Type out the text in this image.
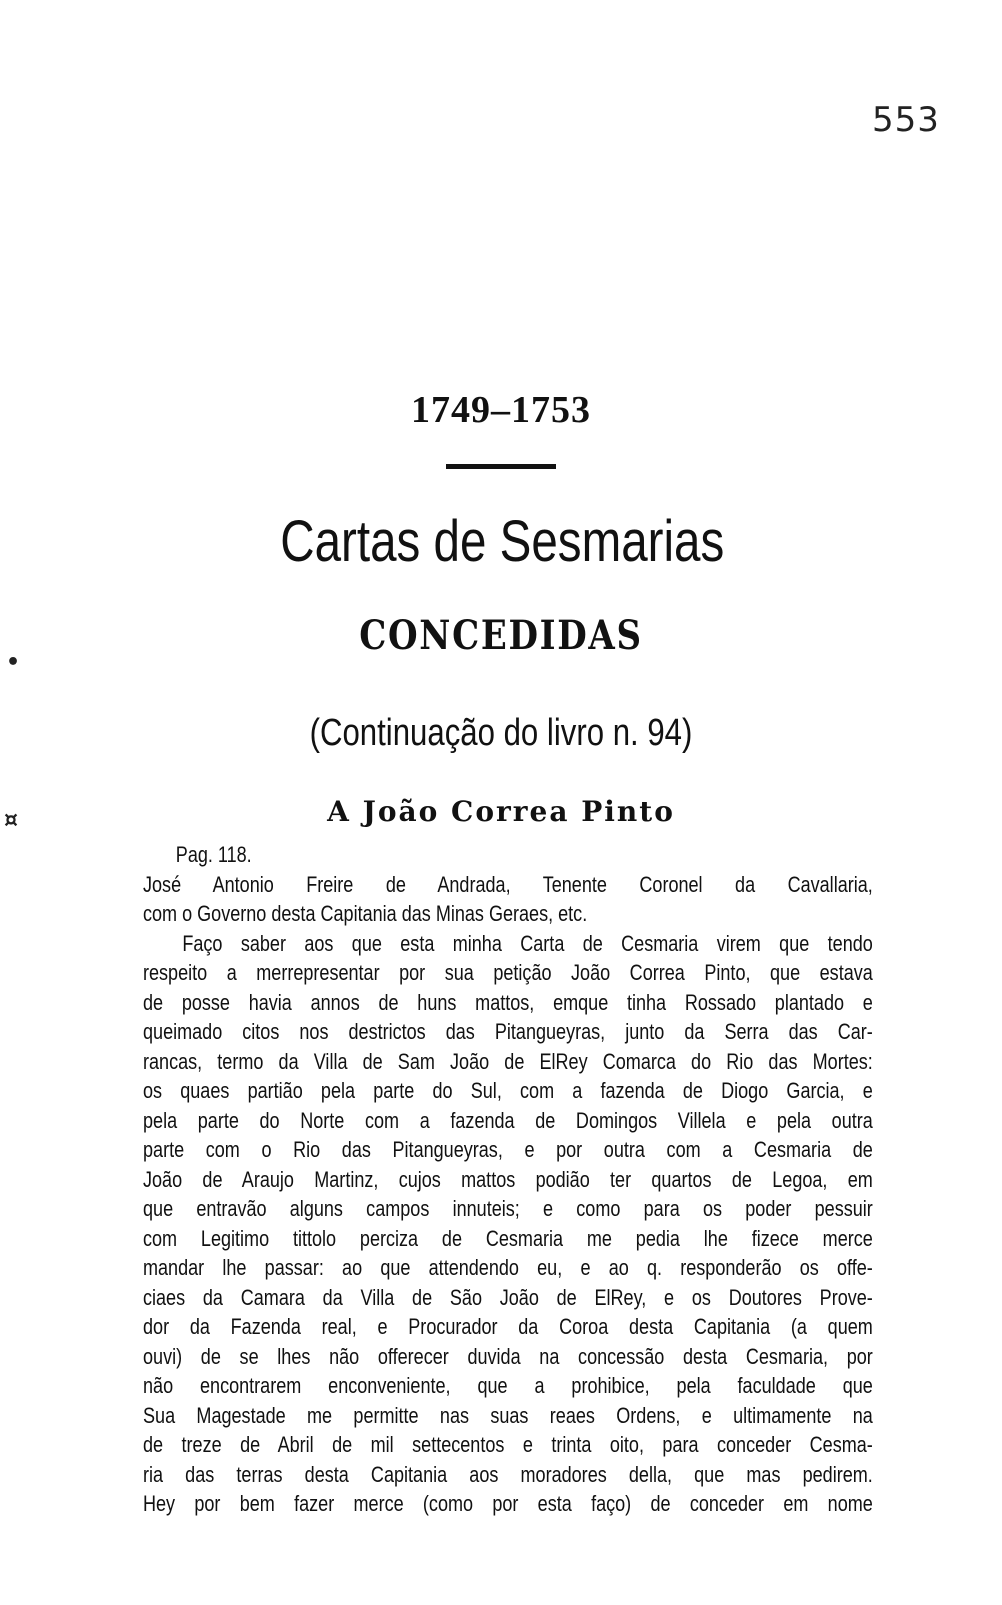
553
•
¤
1749–1753
Cartas de Sesmarias
CONCEDIDAS
(Continuação do livro n. 94)
A João Correa Pinto
Pag. 118.
José Antonio Freire de Andrada, Tenente Coronel da Cavallaria,
com o Governo desta Capitania das Minas Geraes, etc.
Faço saber aos que esta minha Carta de Cesmaria virem que tendo
respeito a merrepresentar por sua petição João Correa Pinto, que estava
de posse havia annos de huns mattos, emque tinha Rossado plantado e
queimado citos nos destrictos das Pitangueyras, junto da Serra das Car-
rancas, termo da Villa de Sam João de ElRey Comarca do Rio das Mortes:
os quaes partião pela parte do Sul, com a fazenda de Diogo Garcia, e
pela parte do Norte com a fazenda de Domingos Villela e pela outra
parte com o Rio das Pitangueyras, e por outra com a Cesmaria de
João de Araujo Martinz, cujos mattos podião ter quartos de Legoa, em
que entravão alguns campos innuteis; e como para os poder pessuir
com Legitimo tittolo perciza de Cesmaria me pedia lhe fizece merce
mandar lhe passar: ao que attendendo eu, e ao q. responderão os offe-
ciaes da Camara da Villa de São João de ElRey, e os Doutores Prove-
dor da Fazenda real, e Procurador da Coroa desta Capitania (a quem
ouvi) de se lhes não offerecer duvida na concessão desta Cesmaria, por
não encontrarem enconveniente, que a prohibice, pela faculdade que
Sua Magestade me permitte nas suas reaes Ordens, e ultimamente na
de treze de Abril de mil settecentos e trinta oito, para conceder Cesma-
ria das terras desta Capitania aos moradores della, que mas pedirem.
Hey por bem fazer merce (como por esta faço) de conceder em nome
